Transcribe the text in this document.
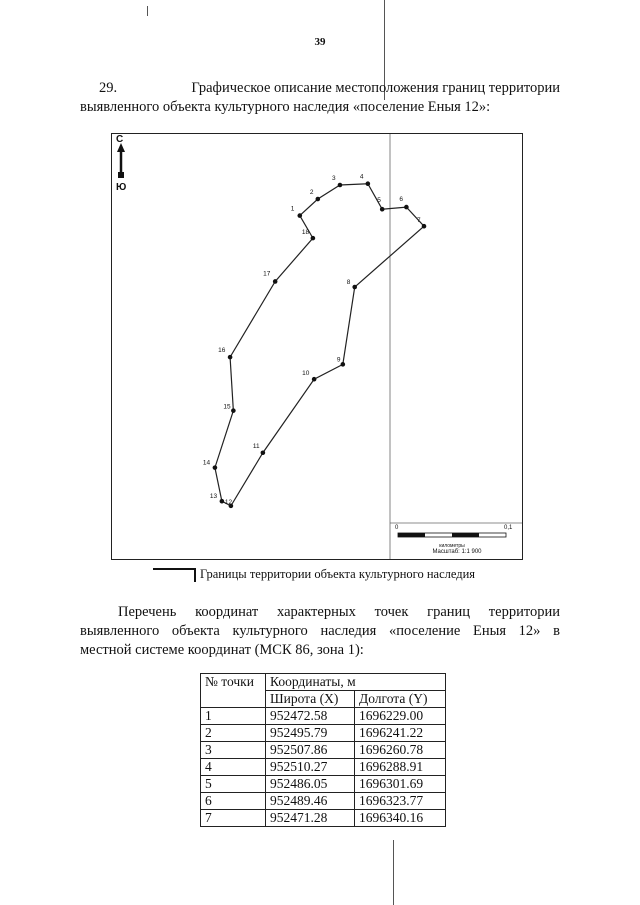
39
29.	Графическое описание местоположения границ территории
выявленного объекта культурного наследия «поселение Еныя 12»:
1
2
3	4
5	6
7
8
9
10
11
12
13
14
15
16
17
18
С
Ю
0	0,1
километры
Масштаб: 1:1 900
Границы территории объекта культурного наследия
Перечень координат характерных точек границ территории
выявленного объекта культурного наследия «поселение Еныя 12» в
местной системе координат (МСК 86, зона 1):
№ точки	Координаты, м	
	Широта (X)	Долгота (Y)
1	952472.58	1696229.00
2	952495.79	1696241.22
3	952507.86	1696260.78
4	952510.27	1696288.91
5	952486.05	1696301.69
6	952489.46	1696323.77
7	952471.28	1696340.16
